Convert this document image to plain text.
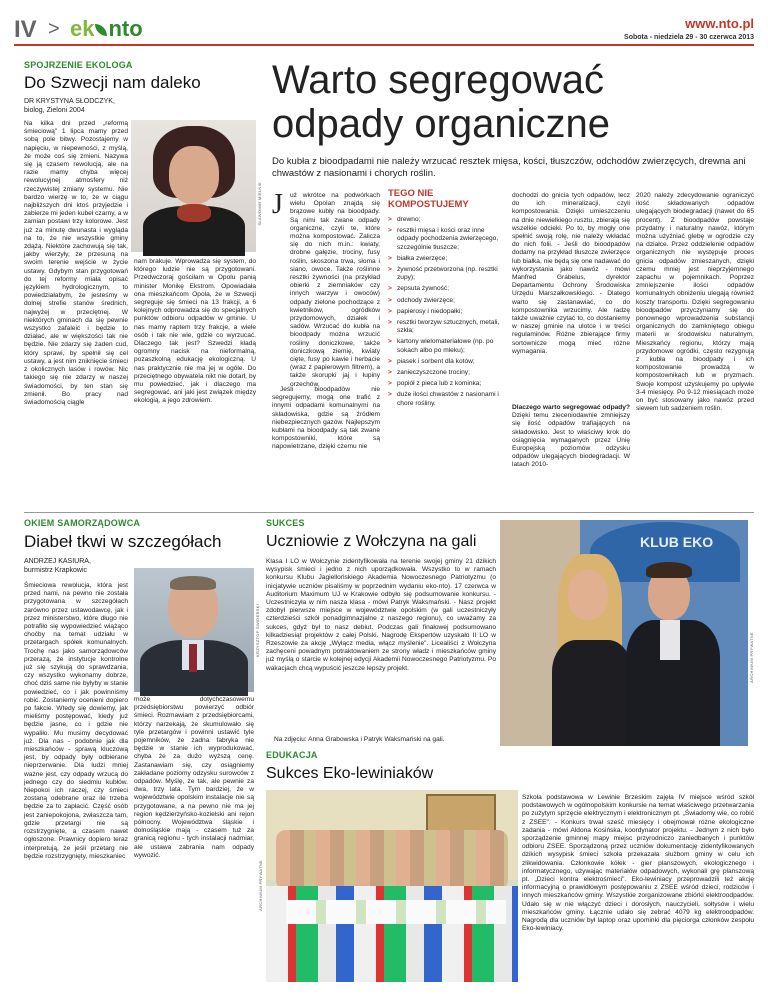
IV > ek nto	www.nto.pl
Sobota - niedziela 29 - 30 czerwca 2013
SPOJRZENIE EKOLOGA
Do Szwecji nam daleko
DR KRYSTYNA SŁODCZYK,
biolog, Zieloni 2004
SŁAWOMIR MIELNIK
Na kilka dni przed „reformą śmieciową" 1 lipca mamy przed sobą pole bitwy. Pozostajemy w napięciu, w niepewności, z myślą, że może coś się zmieni. Nazywa się ją czasem rewolucją, ale na razie mamy chyba więcej rewolucyjnej atmosfery niż rzeczywistej zmiany systemu. Nie bardzo wierzę w to, że w ciągu najbliższych dni ktoś przyjedzie i zabierze mi jeden kubeł czarny, a w zamian postawi trzy kolorowe. Jest już za minutę dwunasta i wygląda na to, że nie wszystkie gminy zdążą. Niektóre zachowują się tak, jakby wierzyły, że przesuną na swoim terenie wejście w życie ustawy. Gdybym stan przygotowań do tej reformy miała opisać językiem hydrologicznym, to powiedziałabym, że jesteśmy w dolnej strefie stanów średnich, najwyżej w przeciętnej. W niektórych gminach da się pewnie wszystko zafaleić i będzie to działać, ale w większości tak nie będzie. Nie zdarzy się żaden cud, który sprawi, by spełnił się cel ustawy, a jest nim zniknięcie śmieci z okolicznych lasów i rowów. Nic takiego się nie zdarzy w naszej świadomości, by ten stan się zmienił. Bo pracy nad świadomością ciągle
nam brakuje. Wprowadza się system, do którego ludzie nie są przygotowani. Przedwczoraj gościłam w Opolu panią minister Monikę Ekstrom. Opowiadała ona mieszkańcom Opola, że w Szwecji segreguje się śmieci na 13 frakcji, a 6 kolejnych odprowadza się do specjalnych punktów odbioru odpadów w gminie. U nas mamy raptem trzy frakcje, a wiele osób i tak nie wie, gdzie co wyrzucać. Dlaczego tak jest? Szwedzi kładą ogromny nacisk na nieformalną, pozaszkolną edukację ekologiczną. U nas praktycznie nie ma jej w ogóle. Do przeciętnego obywatela nikt nie dotarł, by mu powiedzieć, jak i dlaczego ma segregować, ani jaki jest związek między ekologią, a jego zdrowiem.
Warto segregować
odpady organiczne
Do kubła z bioodpadami nie należy wrzucać resztek mięsa, kości, tłuszczów, odchodów zwierzęcych, drewna ani chwastów z nasionami i chorych roślin.
J uż wkrótce na podwórkach wielu Opolan znajdą się brązowe kubły na bioodpady. Są nimi tak zwane odpady organiczne, czyli te, które można kompostować. Zalicza się do nich m.in.: kwiaty, drobne gałęzie, trociny, fusy roślin, skoszona trwa, słoma i siano, owoce. Także roślinne resztki żywności (na przykład obierki z ziemniaków czy innych warzyw i owoców) odpady zielone pochodzące z kwietników, ogródków przydomowych, działek i sadów. Wrzucać do kubła na bioodpady można wrzucić rośliny doniczkowe, także doniczkową ziemię, kwiaty cięte, fusy po kawie i herbacie (wraz z papierowym filtrem), a także skorupki jaj i łupiny orzechów.
Jeśli bioodpadów nie segregujemy, mogą one trafić z innymi odpadami komunalnymi na składowiska, gdzie są źródłem niebezpiecznych gazów. Najlepszym kubłami na bioodpady są tak zwane kompostowniki, które są napowietrzane, dzięki czemu nie
TEGO NIE KOMPOSTUJEMY
> drewno;
> resztki mięsa i kości oraz inne odpady pochodzenia zwierzęcego, szczególnie tłuszcze;
> białka zwierzęce;
> żywność przetworzona (np. resztki zupy);
> zepsuta żywność;
> odchody zwierzęce;
> papierosy i niedopałki;
> resztki tworzyw sztucznych, metali, szkła;
> kartony wielomateriałowe (np. po sokach albo po mleku);
> piasek i sorbent dla kotów;
> zanieczyszczone trociny;
> popiół z pieca lub z kominka;
> duże ilości chwastów z nasionami i chore rośliny.
dochodzi do gnicia tych odpadów, lecz do ich mineralizacji, czyli kompostowania. Dzięki umieszczeniu na dnie niewielkiego rusztu, zbierają się wszelkie odcieki. Po to, by mogły one spełnić swoją rolę, nie należy wkładać do nich folii. - Jeśli do bioodpadów dodamy na przykład tłuszcze zwierzęce lub białka, nie będą się one nadawać do wykorzystania jako nawóz - mówi Manfred Grabelus, dyrektor Departamentu Ochrony Środowiska Urzędu Marszałkowskiego. - Dlatego warto się zastanawiać, co do kompostownika wrzucimy. Ale radzę także uważnie czytać to, co dostaniemy w naszej gminie na ulotce i w treści regulaminów. Różne zbierające firmy sortownicze mogą mieć różne wymagania.
Dlaczego warto segregować odpady? Dzięki temu zleceniodawnie zmniejszy się ilość odpadów trafiających na składowisko. Jest to właściwy krok do osiągnięcia wymaganych przez Unię Europejską poziomów odzysku odpadów ulegających biodegradacji. W latach 2010-
2020 należy zdecydowanie ograniczyć ilość składowanych odpadów ulegających biodegradacji (nawet do 65 procent). Z bioodpadów powstaje przydatny i naturalny nawóz, którym można użyźniać glebę w ogrodzie czy na działce. Przez oddzielenie odpadów organicznych nie występuje proces gnicia odpadów zmieszanych, dzięki czemu mniej jest nieprzyjemnego zapachu w pojemnikach. Poprzez zmniejszenie ilości odpadów komunalnych obniżeniu ulegają również koszty transportu. Dzięki segregowaniu bioodpadów przyczyniamy się do ponownego wprowadzenia substancji organicznych do zamkniętego obiegu materii w środowisku naturalnym. Mieszkańcy regionu, którzy mają przydomowe ogródki, często rezygnują z kubła na bioodpady i ich kompostowanie prowadzą w kompostownikach lub w pryzmach. Swoje kompost uzyskujemy po upływie 3-4 miesięcy. Po 9-12 miesiącach może on być stosowany jako nawóz przed siewem lub sadzeniem roślin.
OKIEM SAMORZĄDOWCA
Diabeł tkwi w szczegółach
ANDRZEJ KASIURA,
burmistrz Krapkowic
KRZYSZTOF ŚWIDERSKI
Śmieciowa rewolucja, która jest przed nami, na pewno nie została przygotowana w szczegółach zarówno przez ustawodawcę, jak i przez ministerstwo, które długo nie potrafiło się wypowiedzieć wiążąco choćby na temat udziału w przetargach spółek komunalnych. Trochę nas jako samorządowców przerazą, że instytucje kontrolne już się szykują do sprawdzania, czy wszystko wykonamy dobrze, choć dziś same nie byłyby w stanie powiedzieć, co i jak powinniśmy robić. Zostaniemy ocenieni dopiero po fakcie. Wtedy się dowiemy, jak mieliśmy postępować, kiedy już będzie jasne, co i gdzie nie wypaliło. Mu musimy decydować już. Dla nas - podobnie jak dla mieszkańców - sprawą kluczową jest, by odpady były odbierane nieprzerwanie. Dla ludzi mniej ważne jest, czy odpady wrzucą do jednego czy do siedmiu kubłów. Niepokoi ich raczej, czy śmieci zostaną odebrane oraz ile trzeba będzie za to zapłacić. Część osób jest zaniepokojona, zwłaszcza tam, gdzie przetargi nie są rozstrzygnięte, a czasem nawet ogłoszone. Prawnicy dopiero teraz interpretują, że jeśli przetarg nie będzie rozstrzygnięty, mieszkaniec
może dotychczasowemu przedsiębiorstwu powierzyć odbiór śmieci. Rozmawiam z przedsiębiorcami, którzy narzekają, że skumulowało się tyle przetargów i powinni ustawić tyle pojemników, że żadna fabryka nie będzie w stanie ich wyprodukować, chyba że za dużo wyższą cenę. Zastanawiam się, czy osiągniemy zakładane poziomy odzysku surowców z odpadów. Myślę, że tak, ale pewnie za dwa, trzy lata. Tym bardziej, że w województwie opolskim instalacje nie są przygotowane, a na pewno nie ma jej region kędzierzyńsko-kozielski ani rejon północny. Województwa śląskie i dolnośląskie mają - czasem tuż za granicą regionu - tych instalacji nadmiar, ale ustawa zabrania nam odpady wywozić.
SUKCES
Uczniowie z Wołczyna na gali
Klasa I LO w Wołczynie zidentyfikowała na terenie swojej gminy 21 dzikich wysypisk śmieci i jedno z nich uporządkowała. Wszystko to w ramach konkursu Klubu Jagiellońskiego Akademia Nowoczesnego Patriotyzmu (o inicjatywie uczniów pisaliśmy w poprzednim wydaniu eko-nto). 17 czerwca w Auditorium Maximum UJ w Krakowie odbyło się podsumowanie konkursu. - Uczestniczyła w nim nasza klasa - mówi Patryk Waksmański. - Nasz projekt zdobył pierwsze miejsce w województwie opolskim (w gali uczestniczyły czterdzieści szkół ponadgimnazjalne z naszego regionu), co uważamy za sukces, gdyż był to nasz debiut. Podczas gali finałowej podsumowano kilkadziesiąt projektów z całej Polski. Nagrodę Ekspertów uzyskało II LO w Rzeszowie za akcję „Wyłącz media, włącz myślenie". Licealiści z Wołczyna zachęceni powadnym potraktowaniem ze strony władz i mieszkańców gminy już myślą o starcie w kolejnej edycji Akademii Nowoczesnego Patriotyzmu. Po wakacjach chcą wypuścić jeszcze lepszy projekt.
Na zdjęciu: Anna Grabowska i Patryk Waksmański na gali.
KLUB EKO
ARCHIWUM PRYWATNE
EDUKACJA
Sukces Eko-lewiniaków
ARCHIWUM PRYWATNE
Szkoła podstawowa w Lewinie Brzeskim zajęła IV miejsce wśród szkół podstawowych w ogólnopolskim konkursie na temat właściwego przetwarzania po zużytym sprzęcie elektrycznym i elektronicznym pt. „Świadomy wie, co robić z ZSEE". - Konkurs trwał sześć miesięcy i obejmował różne ekologiczne zadania - mówi Aldona Kosińska, koordynator projektu. - Jednym z nich było sporządzenie gminnej mapy miejsc przyrodniczo zaniedbanych i punktów odbioru ZSEE. Sporządzoną przez uczniów dokumentację zidentyfikowanych dzikich wysypisk śmieci szkoła przekazała służbom gminy w celu ich zlikwidowania. Członkowie kółek - gier planszowych, ekologicznego i informatycznego, używając materiałów odpadowych, wykonali grę planszową pt. „Dzieci kontra elektrośmieci". Eko-lewiniacy przeprowadzili też akcję informacyjną o prawidłowym postępowaniu z ZSEE wśród dzieci, rodziców i innych mieszkańców gminy. Wszystkie zorganizowane zbiórki elektroodpadów. Udało się w nie włączyć dzieci i dorosłych, nauczycieli, sołtysów i wielu mieszkańców gminy. Łącznie udało się zebrać 4079 kg elektroodpadów. Nagrodą dla uczniów był laptop oraz upominki dla pięciorga członków zespołu Eko-lewiniacy.
